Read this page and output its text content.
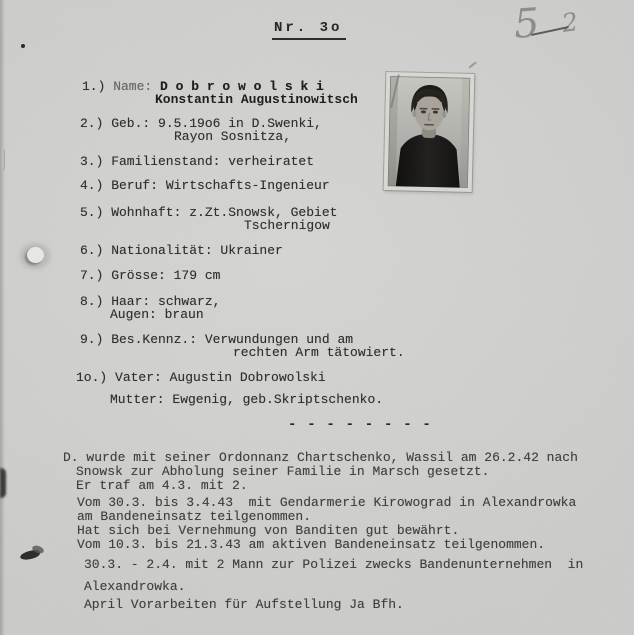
Nr. 3o	5 2
1.) Name: D o b r o w o l s k i
Konstantin Augustinowitsch
2.) Geb.: 9.5.19o6 in D.Swenki,
Rayon Sosnitza,
3.) Familienstand: verheiratet
4.) Beruf: Wirtschafts-Ingenieur
5.) Wohnhaft: z.Zt.Snowsk, Gebiet
Tschernigow
6.) Nationalität: Ukrainer
7.) Grösse: 179 cm
8.) Haar: schwarz,
Augen: braun
9.) Bes.Kennz.: Verwundungen und am
rechten Arm tätowiert.
1o.) Vater: Augustin Dobrowolski
Mutter: Ewgenig, geb.Skriptschenko.
- - - - - - - -
D. wurde mit seiner Ordonnanz Chartschenko, Wassil am 26.2.42 nach
Snowsk zur Abholung seiner Familie in Marsch gesetzt.
Er traf am 4.3. mit 2.
Vom 30.3. bis 3.4.43  mit Gendarmerie Kirowograd in Alexandrowka
am Bandeneinsatz teilgenommen.
Hat sich bei Vernehmung von Banditen gut bewährt.
Vom 10.3. bis 21.3.43 am aktiven Bandeneinsatz teilgenommen.
30.3. - 2.4. mit 2 Mann zur Polizei zwecks Bandenunternehmen  in
Alexandrowka.
April Vorarbeiten für Aufstellung Ja Bfh.
